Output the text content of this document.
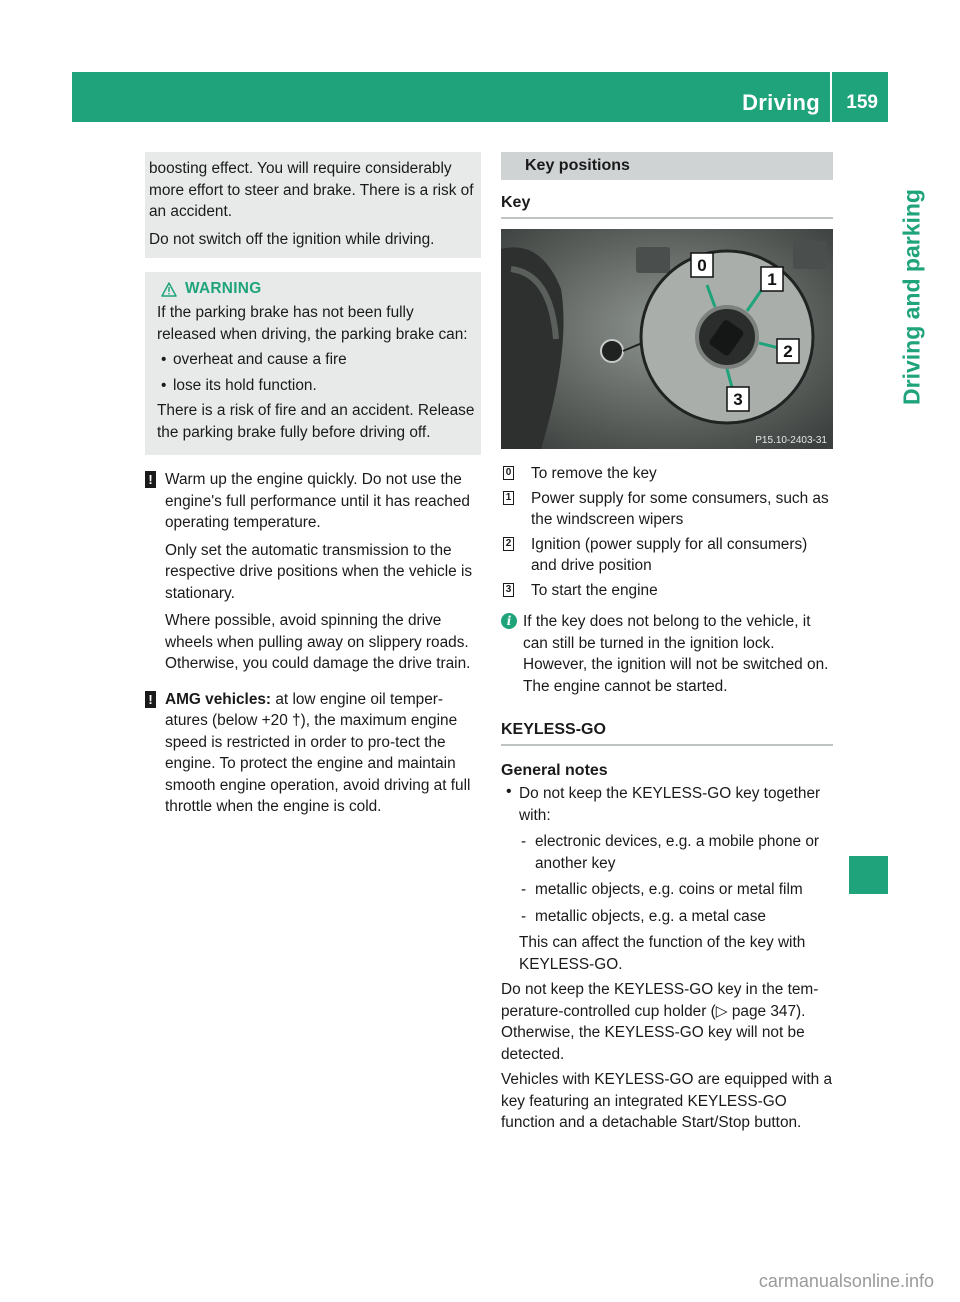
Driving 159
Driving and parking

boosting effect. You will require considerably more effort to steer and brake. There is a risk of an accident.

Do not switch off the ignition while driving.

WARNING

If the parking brake has not been fully released when driving, the parking brake can:

• overheat and cause a fire
• lose its hold function.

There is a risk of fire and an accident. Release the parking brake fully before driving off.

! Warm up the engine quickly. Do not use the engine's full performance until it has reached operating temperature.

Only set the automatic transmission to the respective drive positions when the vehicle is stationary.

Where possible, avoid spinning the drive wheels when pulling away on slippery roads. Otherwise, you could damage the drive train.

! AMG vehicles: at low engine oil temper-atures (below +20 †), the maximum engine speed is restricted in order to pro-tect the engine. To protect the engine and maintain smooth engine operation, avoid driving at full throttle when the engine is cold.

Key positions
Key
0
1
2
3
P15.10-2403-31
0 To remove the key

1 Power supply for some consumers, such as the windscreen wipers

2 Ignition (power supply for all consumers) and drive position

3 To start the engine

i If the key does not belong to the vehicle, it can still be turned in the ignition lock.

However, the ignition will not be switched on. The engine cannot be started.

KEYLESS-GO
General notes
• Do not keep the KEYLESS-GO key together with:

- electronic devices, e.g. a mobile phone or another key
- metallic objects, e.g. coins or metal film
- metallic objects, e.g. a metal case

This can affect the function of the key with KEYLESS-GO.

Do not keep the KEYLESS-GO key in the tem-perature-controlled cup holder (▷ page 347). Otherwise, the KEYLESS-GO key will not be detected.

Vehicles with KEYLESS-GO are equipped with a key featuring an integrated KEYLESS-GO function and a detachable Start/Stop button.

carmanualsonline.info
